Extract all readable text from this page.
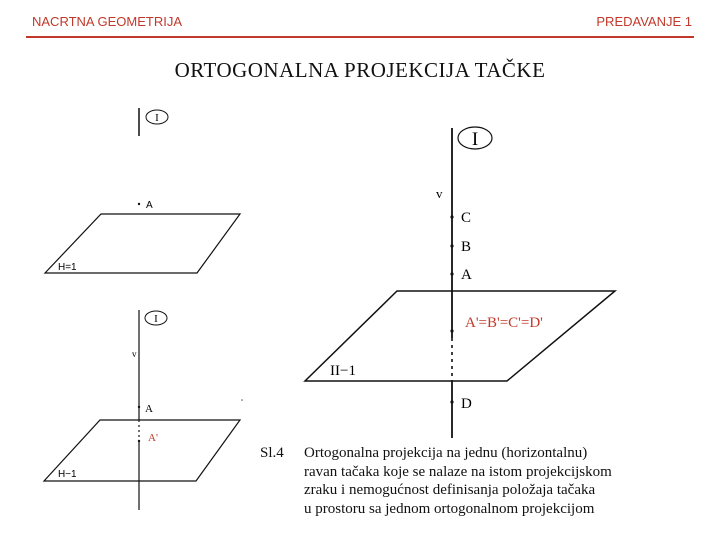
NACRTNA GEOMETRIJA	PREDAVANJE 1
ORTOGONALNA PROJEKCIJA TAČKE
I
A
H=1
I
v
A
A'
H−1
I
v
C
B
A
A'=B'=C'=D'
II−1
D
Sl.4 Ortogonalna projekcija na jednu (horizontalnu)
ravan tačaka koje se nalaze na istom projekcijskom
zraku i nemogućnost definisanja položaja tačaka
u prostoru sa jednom ortogonalnom projekcijom
